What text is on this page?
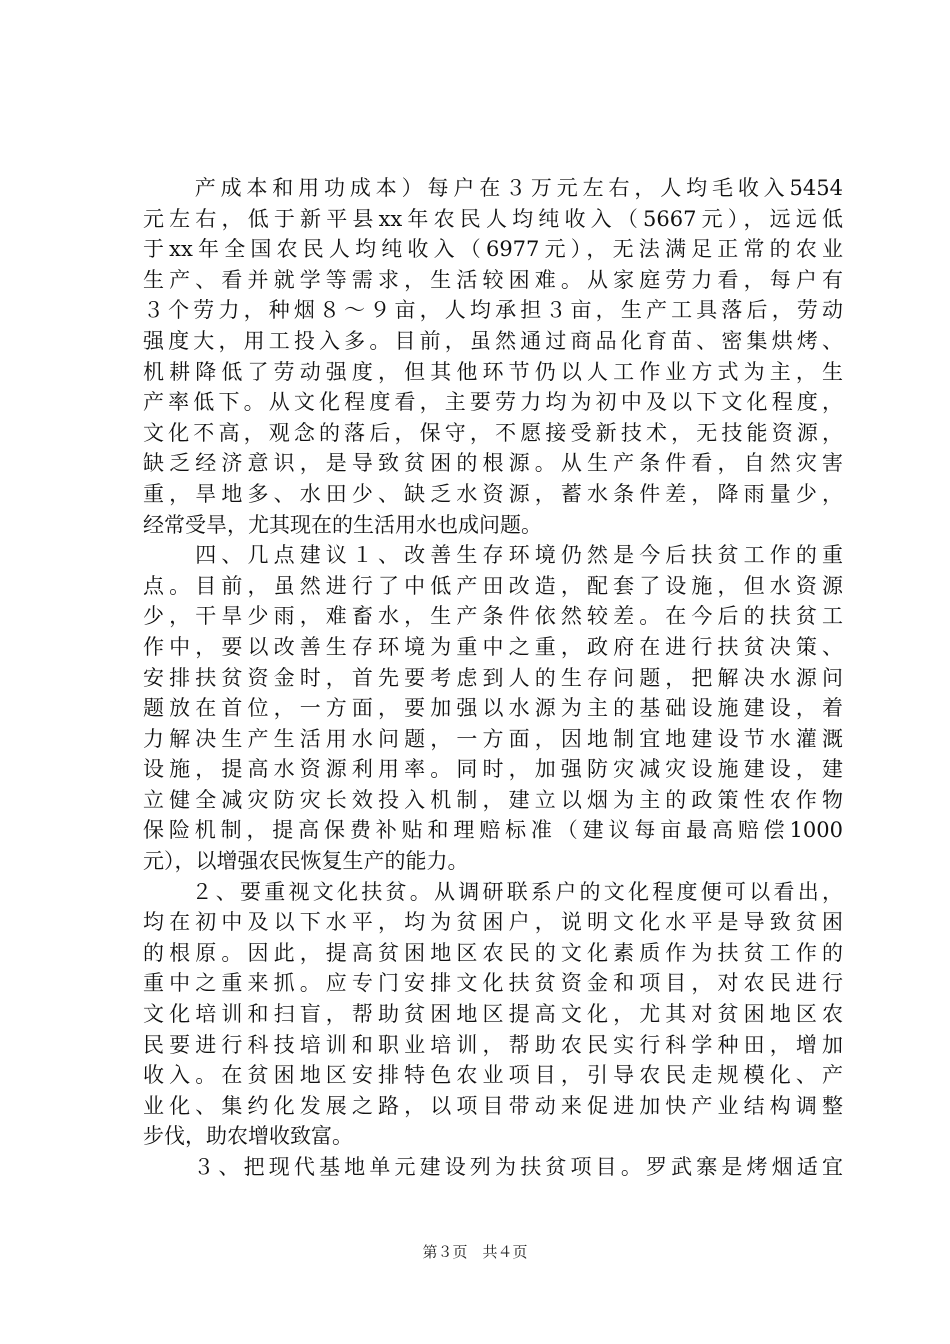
　　产成本和用功成本）每户在３万元左右，人均毛收入5454
元左右，低于新平县xx年农民人均纯收入（5667元），远远低
于xx年全国农民人均纯收入（6977元），无法满足正常的农业
生产、看并就学等需求，生活较困难。从家庭劳力看，每户有
３个劳力，种烟８～９亩，人均承担３亩，生产工具落后，劳动
强度大，用工投入多。目前，虽然通过商品化育苗、密集烘烤、
机耕降低了劳动强度，但其他环节仍以人工作业方式为主，生
产率低下。从文化程度看，主要劳力均为初中及以下文化程度，
文化不高，观念的落后，保守，不愿接受新技术，无技能资源，
缺乏经济意识，是导致贫困的根源。从生产条件看，自然灾害
重，旱地多、水田少、缺乏水资源，蓄水条件差，降雨量少，
经常受旱，尤其现在的生活用水也成问题。
　　四、几点建议１、改善生存环境仍然是今后扶贫工作的重
点。目前，虽然进行了中低产田改造，配套了设施，但水资源
少，干旱少雨，难畜水，生产条件依然较差。在今后的扶贫工
作中，要以改善生存环境为重中之重，政府在进行扶贫决策、
安排扶贫资金时，首先要考虑到人的生存问题，把解决水源问
题放在首位，一方面，要加强以水源为主的基础设施建设，着
力解决生产生活用水问题，一方面，因地制宜地建设节水灌溉
设施，提高水资源利用率。同时，加强防灾减灾设施建设，建
立健全减灾防灾长效投入机制，建立以烟为主的政策性农作物
保险机制，提高保费补贴和理赔标准（建议每亩最高赔偿1000
元），以增强农民恢复生产的能力。
　　２、要重视文化扶贫。从调研联系户的文化程度便可以看出，
均在初中及以下水平，均为贫困户，说明文化水平是导致贫困
的根原。因此，提高贫困地区农民的文化素质作为扶贫工作的
重中之重来抓。应专门安排文化扶贫资金和项目，对农民进行
文化培训和扫盲，帮助贫困地区提高文化，尤其对贫困地区农
民要进行科技培训和职业培训，帮助农民实行科学种田，增加
收入。在贫困地区安排特色农业项目，引导农民走规模化、产
业化、集约化发展之路，以项目带动来促进加快产业结构调整
步伐，助农增收致富。
　　３、把现代基地单元建设列为扶贫项目。罗武寨是烤烟适宜
第３页　共４页
